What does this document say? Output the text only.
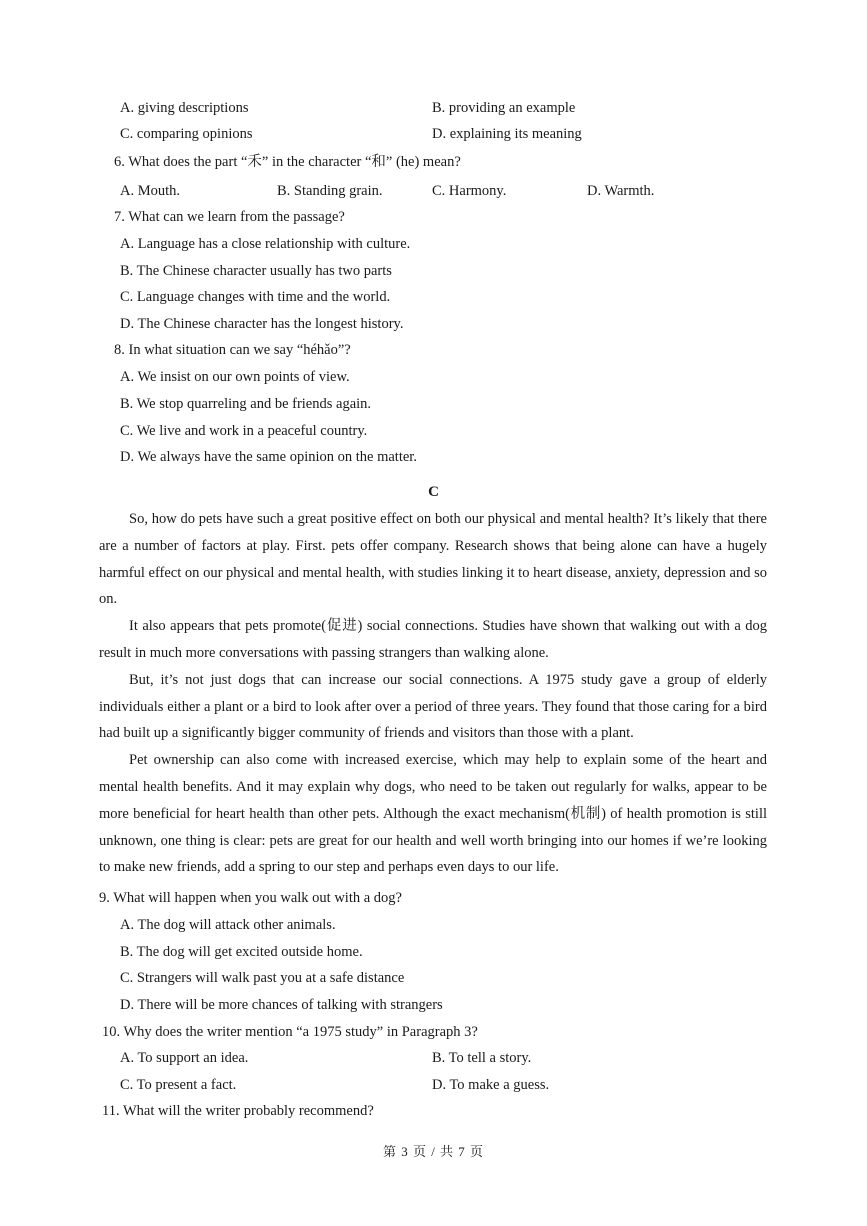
A. giving descriptions	B. providing an example
C. comparing opinions	D. explaining its meaning
6. What does the part “禾” in the character “和” (he) mean?
A. Mouth.	B. Standing grain.	C. Harmony.	D. Warmth.
7. What can we learn from the passage?
A. Language has a close relationship with culture.
B. The Chinese character usually has two parts
C. Language changes with time and the world.
D. The Chinese character has the longest history.
8. In what situation can we say “héhǎo”?
A. We insist on our own points of view.
B. We stop quarreling and be friends again.
C. We live and work in a peaceful country.
D. We always have the same opinion on the matter.
C

So, how do pets have such a great positive effect on both our physical and mental health? It’s likely that there are a number of factors at play. First. pets offer company. Research shows that being alone can have a hugely harmful effect on our physical and mental health, with studies linking it to heart disease, anxiety, depression and so on.

It also appears that pets promote(促进) social connections. Studies have shown that walking out with a dog result in much more conversations with passing strangers than walking alone.

But, it’s not just dogs that can increase our social connections. A 1975 study gave a group of elderly individuals either a plant or a bird to look after over a period of three years. They found that those caring for a bird had built up a significantly bigger community of friends and visitors than those with a plant.

Pet ownership can also come with increased exercise, which may help to explain some of the heart and mental health benefits. And it may explain why dogs, who need to be taken out regularly for walks, appear to be more beneficial for heart health than other pets. Although the exact mechanism(机制) of health promotion is still unknown, one thing is clear: pets are great for our health and well worth bringing into our homes if we’re looking to make new friends, add a spring to our step and perhaps even days to our life.

9. What will happen when you walk out with a dog?
A. The dog will attack other animals.
B. The dog will get excited outside home.
C. Strangers will walk past you at a safe distance
D. There will be more chances of talking with strangers
10. Why does the writer mention “a 1975 study” in Paragraph 3?
A. To support an idea.	B. To tell a story.
C. To present a fact.	D. To make a guess.
11. What will the writer probably recommend?
第 3 页 / 共 7 页
